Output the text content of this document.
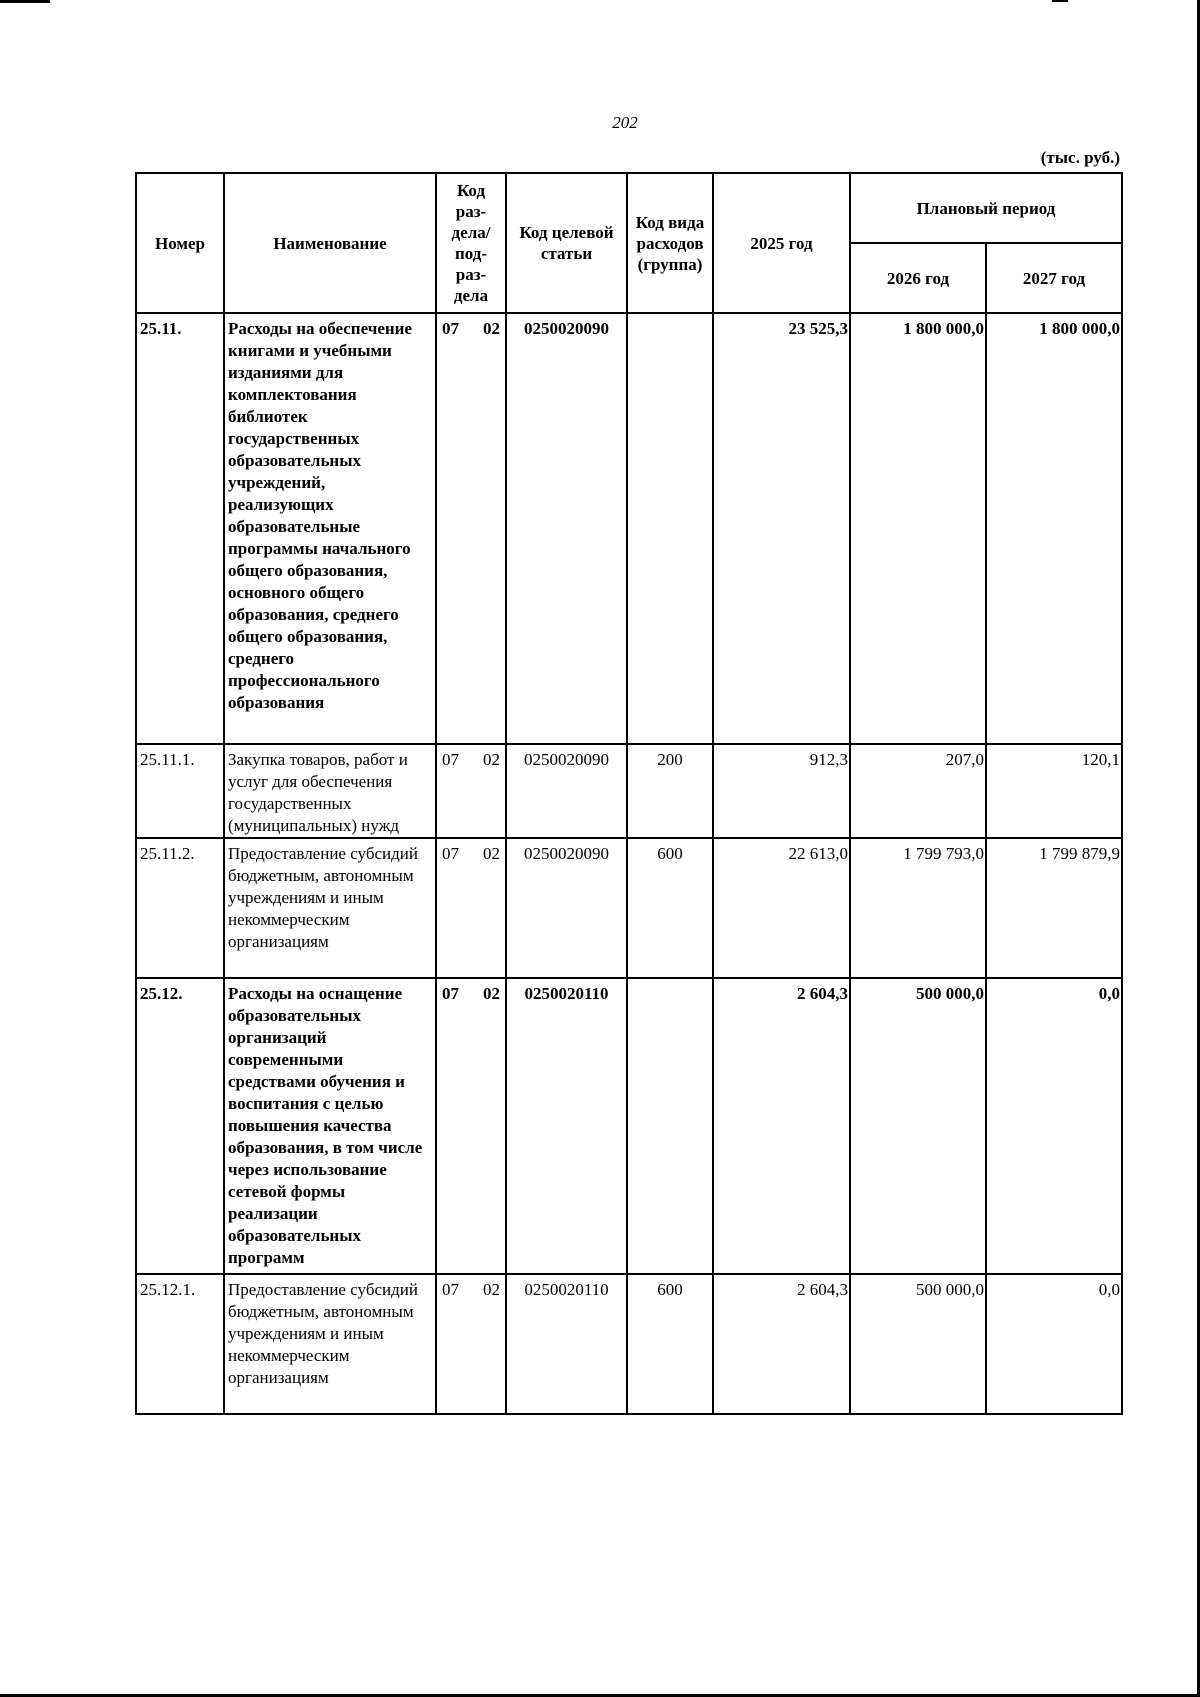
202
(тыс. руб.)
Номер	Наименование	Код раз-дела/ под-раз-дела	Код целевой статьи	Код вида расходов (группа)	2025 год	Плановый период	
						2026 год	2027 год
25.11.	Расходы на обеспечение книгами и учебными изданиями для комплектования библиотек государственных образовательных учреждений, реализующих образовательные программы начального общего образования, основного общего образования, среднего общего образования, среднего профессионального образования	07 02	0250020090		23 525,3	1 800 000,0	1 800 000,0
25.11.1.	Закупка товаров, работ и услуг для обеспечения государственных (муниципальных) нужд	07 02	0250020090	200	912,3	207,0	120,1
25.11.2.	Предоставление субсидий бюджетным, автономным учреждениям и иным некоммерческим организациям	07 02	0250020090	600	22 613,0	1 799 793,0	1 799 879,9
25.12.	Расходы на оснащение образовательных организаций современными средствами обучения и воспитания с целью повышения качества образования, в том числе через использование сетевой формы реализации образовательных программ	07 02	0250020110		2 604,3	500 000,0	0,0
25.12.1.	Предоставление субсидий бюджетным, автономным учреждениям и иным некоммерческим организациям	07 02	0250020110	600	2 604,3	500 000,0	0,0
